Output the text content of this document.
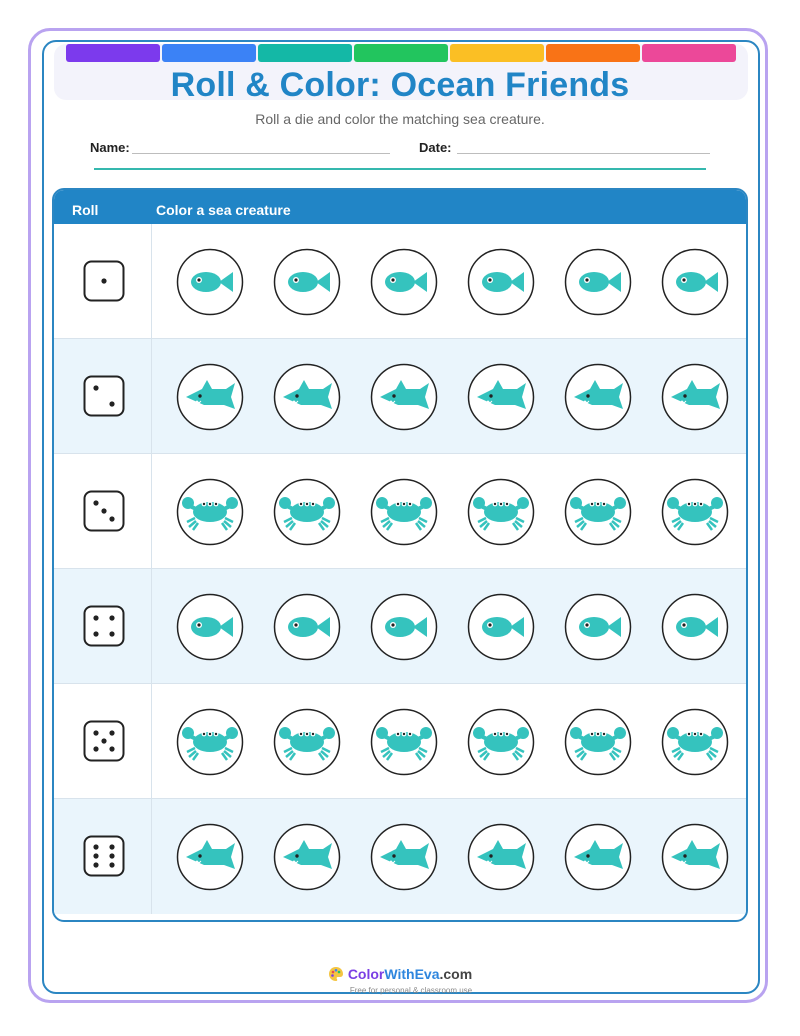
Roll & Color: Ocean Friends
Roll a die and color the matching sea creature.
Name:	Date:
Roll	Color a sea creature
ColorWithEva.com
Free for personal & classroom use
